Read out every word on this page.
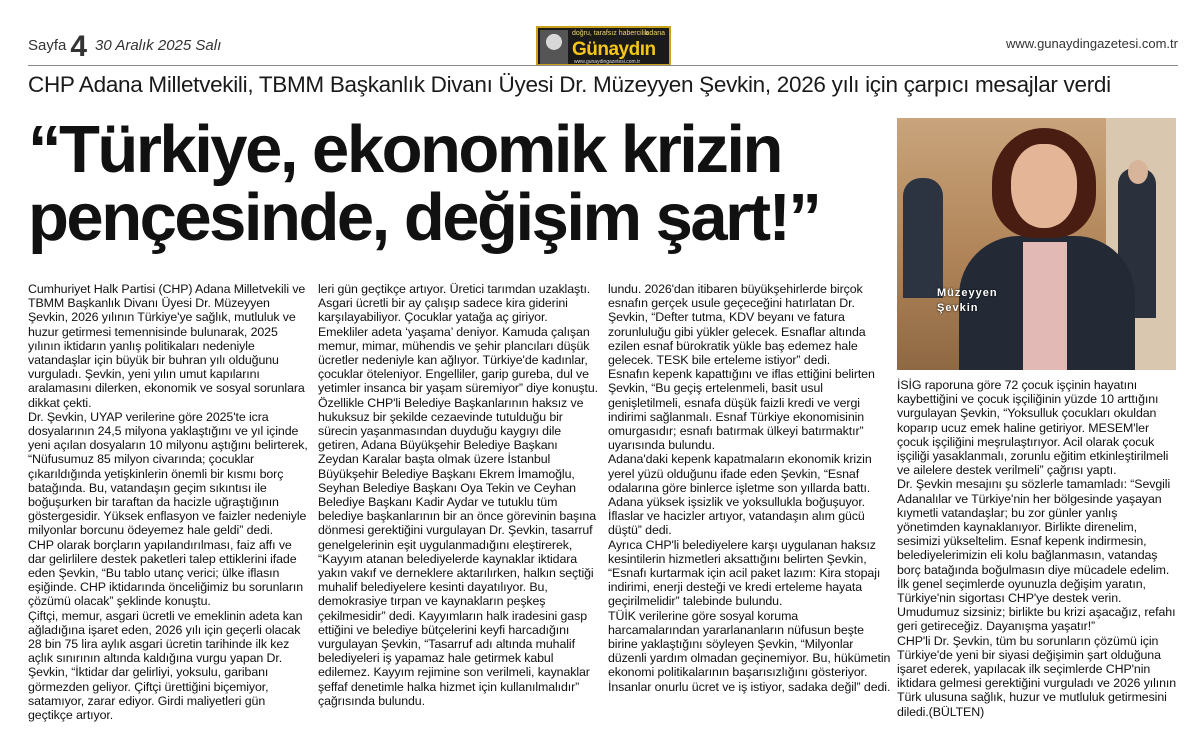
Sayfa 4 30 Aralık 2025 Salı
doğru, tarafsız habercilik
adana
Günaydın
www.gunaydingazetesi.com.tr
www.gunaydingazetesi.com.tr
CHP Adana Milletvekili, TBMM Başkanlık Divanı Üyesi Dr. Müzeyyen Şevkin, 2026 yılı için çarpıcı mesajlar verdi
“Türkiye, ekonomik krizin
pençesinde, değişim şart!”
Müzeyyen
Şevkin
Cumhuriyet Halk Partisi (CHP) Adana Milletvekili ve TBMM Başkanlık Divanı Üyesi Dr. Müzeyyen Şevkin, 2026 yılının Türkiye'ye sağlık, mutluluk ve huzur getirmesi temennisinde bulunarak, 2025 yılının iktidarın yanlış politikaları nedeniyle vatandaşlar için büyük bir buhran yılı olduğunu vurguladı. Şevkin, yeni yılın umut kapılarını aralamasını dilerken, ekonomik ve sosyal sorunlara dikkat çekti.
Dr. Şevkin, UYAP verilerine göre 2025'te icra dosyalarının 24,5 milyona yaklaştığını ve yıl içinde yeni açılan dosyaların 10 milyonu aştığını belirterek, “Nüfusumuz 85 milyon civarında; çocuklar çıkarıldığında yetişkinlerin önemli bir kısmı borç batağında. Bu, vatandaşın geçim sıkıntısı ile boğuşurken bir taraftan da hacizle uğraştığının göstergesidir. Yüksek enflasyon ve faizler nedeniyle milyonlar borcunu ödeyemez hale geldi” dedi.
CHP olarak borçların yapılandırılması, faiz affı ve dar gelirlilere destek paketleri talep ettiklerini ifade eden Şevkin, “Bu tablo utanç verici; ülke iflasın eşiğinde. CHP iktidarında önceliğimiz bu sorunların çözümü olacak” şeklinde konuştu.
Çiftçi, memur, asgari ücretli ve emeklinin adeta kan ağladığına işaret eden, 2026 yılı için geçerli olacak 28 bin 75 lira aylık asgari ücretin tarihinde ilk kez açlık sınırının altında kaldığına vurgu yapan Dr. Şevkin, “İktidar dar gelirliyi, yoksulu, garibanı görmezden geliyor. Çiftçi ürettiğini biçemiyor, satamıyor, zarar ediyor. Girdi maliyetleri gün geçtikçe artıyor.
leri gün geçtikçe artıyor. Üretici tarımdan uzaklaştı. Asgari ücretli bir ay çalışıp sadece kira giderini karşılayabiliyor. Çocuklar yatağa aç giriyor. Emekliler adeta ‘yaşama’ deniyor. Kamuda çalışan memur, mimar, mühendis ve şehir plancıları düşük ücretler nedeniyle kan ağlıyor. Türkiye'de kadınlar, çocuklar öteleniyor. Engelliler, garip gureba, dul ve yetimler insanca bir yaşam süremiyor” diye konuştu.
Özellikle CHP'li Belediye Başkanlarının haksız ve hukuksuz bir şekilde cezaevinde tutulduğu bir sürecin yaşanmasından duyduğu kaygıyı dile getiren, Adana Büyükşehir Belediye Başkanı Zeydan Karalar başta olmak üzere İstanbul Büyükşehir Belediye Başkanı Ekrem İmamoğlu, Seyhan Belediye Başkanı Oya Tekin ve Ceyhan Belediye Başkanı Kadir Aydar ve tutuklu tüm belediye başkanlarının bir an önce görevinin başına dönmesi gerektiğini vurgulayan Dr. Şevkin, tasarruf genelgelerinin eşit uygulanmadığını eleştirerek, “Kayyım atanan belediyelerde kaynaklar iktidara yakın vakıf ve derneklere aktarılırken, halkın seçtiği muhalif belediyelere kesinti dayatılıyor. Bu, demokrasiye tırpan ve kaynakların peşkeş çekilmesidir” dedi. Kayyımların halk iradesini gasp ettiğini ve belediye bütçelerini keyfi harcadığını vurgulayan Şevkin, “Tasarruf adı altında muhalif belediyeleri iş yapamaz hale getirmek kabul edilemez. Kayyım rejimine son verilmeli, kaynaklar şeffaf denetimle halka hizmet için kullanılmalıdır” çağrısında bulundu.
lundu. 2026'dan itibaren büyükşehirlerde birçok esnafın gerçek usule geçeceğini hatırlatan Dr. Şevkin, “Defter tutma, KDV beyanı ve fatura zorunluluğu gibi yükler gelecek. Esnaflar altında ezilen esnaf bürokratik yükle baş edemez hale gelecek. TESK bile erteleme istiyor” dedi.
Esnafın kepenk kapattığını ve iflas ettiğini belirten Şevkin, “Bu geçiş ertelenmeli, basit usul genişletilmeli, esnafa düşük faizli kredi ve vergi indirimi sağlanmalı. Esnaf Türkiye ekonomisinin omurgasıdır; esnafı batırmak ülkeyi batırmaktır” uyarısında bulundu.
Adana'daki kepenk kapatmaların ekonomik krizin yerel yüzü olduğunu ifade eden Şevkin, “Esnaf odalarına göre binlerce işletme son yıllarda battı. Adana yüksek işsizlik ve yoksullukla boğuşuyor. İflaslar ve hacizler artıyor, vatandaşın alım gücü düştü” dedi.
Ayrıca CHP'li belediyelere karşı uygulanan haksız kesintilerin hizmetleri aksattığını belirten Şevkin, “Esnafı kurtarmak için acil paket lazım: Kira stopajı indirimi, enerji desteği ve kredi erteleme hayata geçirilmelidir” talebinde bulundu.
TÜİK verilerine göre sosyal koruma harcamalarından yararlananların nüfusun beşte birine yaklaştığını söyleyen Şevkin, “Milyonlar düzenli yardım olmadan geçinemiyor. Bu, hükümetin ekonomi politikalarının başarısızlığını gösteriyor. İnsanlar onurlu ücret ve iş istiyor, sadaka değil” dedi.
İSİG raporuna göre 72 çocuk işçinin hayatını kaybettiğini ve çocuk işçiliğinin yüzde 10 arttığını vurgulayan Şevkin, “Yoksulluk çocukları okuldan koparıp ucuz emek haline getiriyor. MESEM'ler çocuk işçiliğini meşrulaştırıyor. Acil olarak çocuk işçiliği yasaklanmalı, zorunlu eğitim etkinleştirilmeli ve ailelere destek verilmeli” çağrısı yaptı.
Dr. Şevkin mesajını şu sözlerle tamamladı: “Sevgili Adanalılar ve Türkiye'nin her bölgesinde yaşayan kıymetli vatandaşlar; bu zor günler yanlış yönetimden kaynaklanıyor. Birlikte direnelim, sesimizi yükseltelim. Esnaf kepenk indirmesin, belediyelerimizin eli kolu bağlanmasın, vatandaş borç batağında boğulmasın diye mücadele edelim. İlk genel seçimlerde oyunuzla değişim yaratın, Türkiye'nin sigortası CHP'ye destek verin. Umudumuz sizsiniz; birlikte bu krizi aşacağız, refahı geri getireceğiz. Dayanışma yaşatır!”
CHP'li Dr. Şevkin, tüm bu sorunların çözümü için Türkiye'de yeni bir siyasi değişimin şart olduğuna işaret ederek, yapılacak ilk seçimlerde CHP'nin iktidara gelmesi gerektiğini vurguladı ve 2026 yılının Türk ulusuna sağlık, huzur ve mutluluk getirmesini diledi.(BÜLTEN)
